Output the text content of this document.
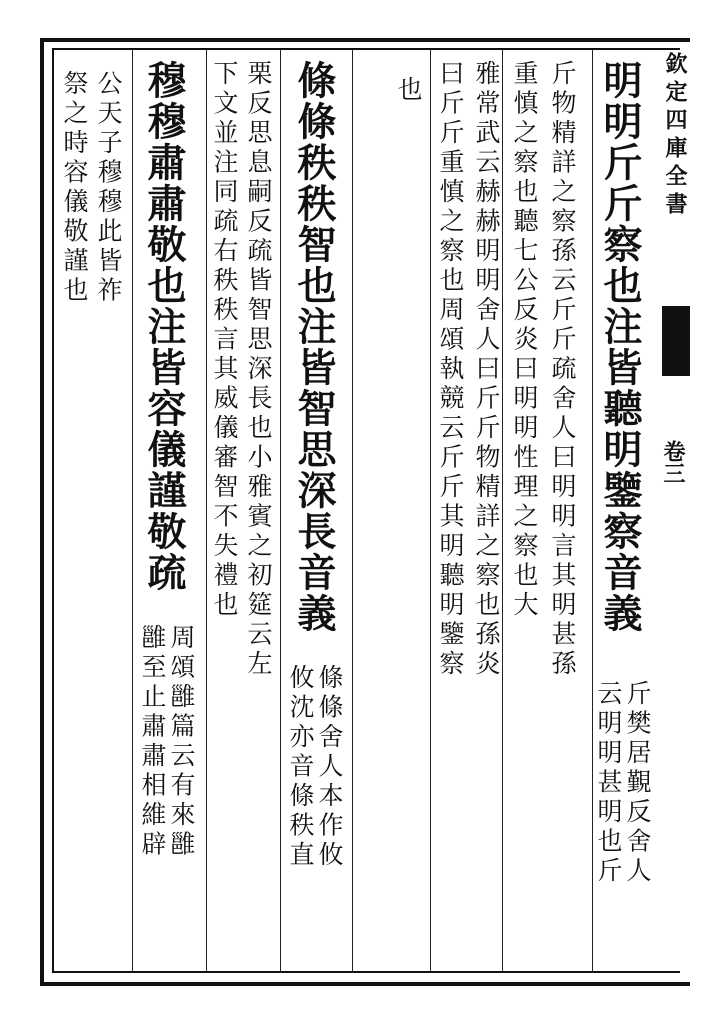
欽定四庫全書
卷三
明明斤斤察也注皆聽明鑒察音義
斤樊居覲反舍人
云明明甚明也斤
斤物精詳之察孫云斤斤疏舍人曰明明言其明甚孫
重慎之察也聽七公反炎曰明明性理之察也大
雅常武云赫赫明明舍人曰斤斤物精詳之察也孫炎
曰斤斤重慎之察也周頌執競云斤斤其明聽明鑒察
也
條條秩秩智也注皆智思深長音義
條條舍人本作攸
攸沈亦音條秩直
栗反思息嗣反疏皆智思深長也小雅賓之初筵云左
下文並注同疏右秩秩言其威儀審智不失禮也
穆穆肅肅敬也注皆容儀謹敬疏
周頌雝篇云有來雝
雝至止肅肅相維辟
公天子穆穆此皆祚
祭之時容儀敬謹也
